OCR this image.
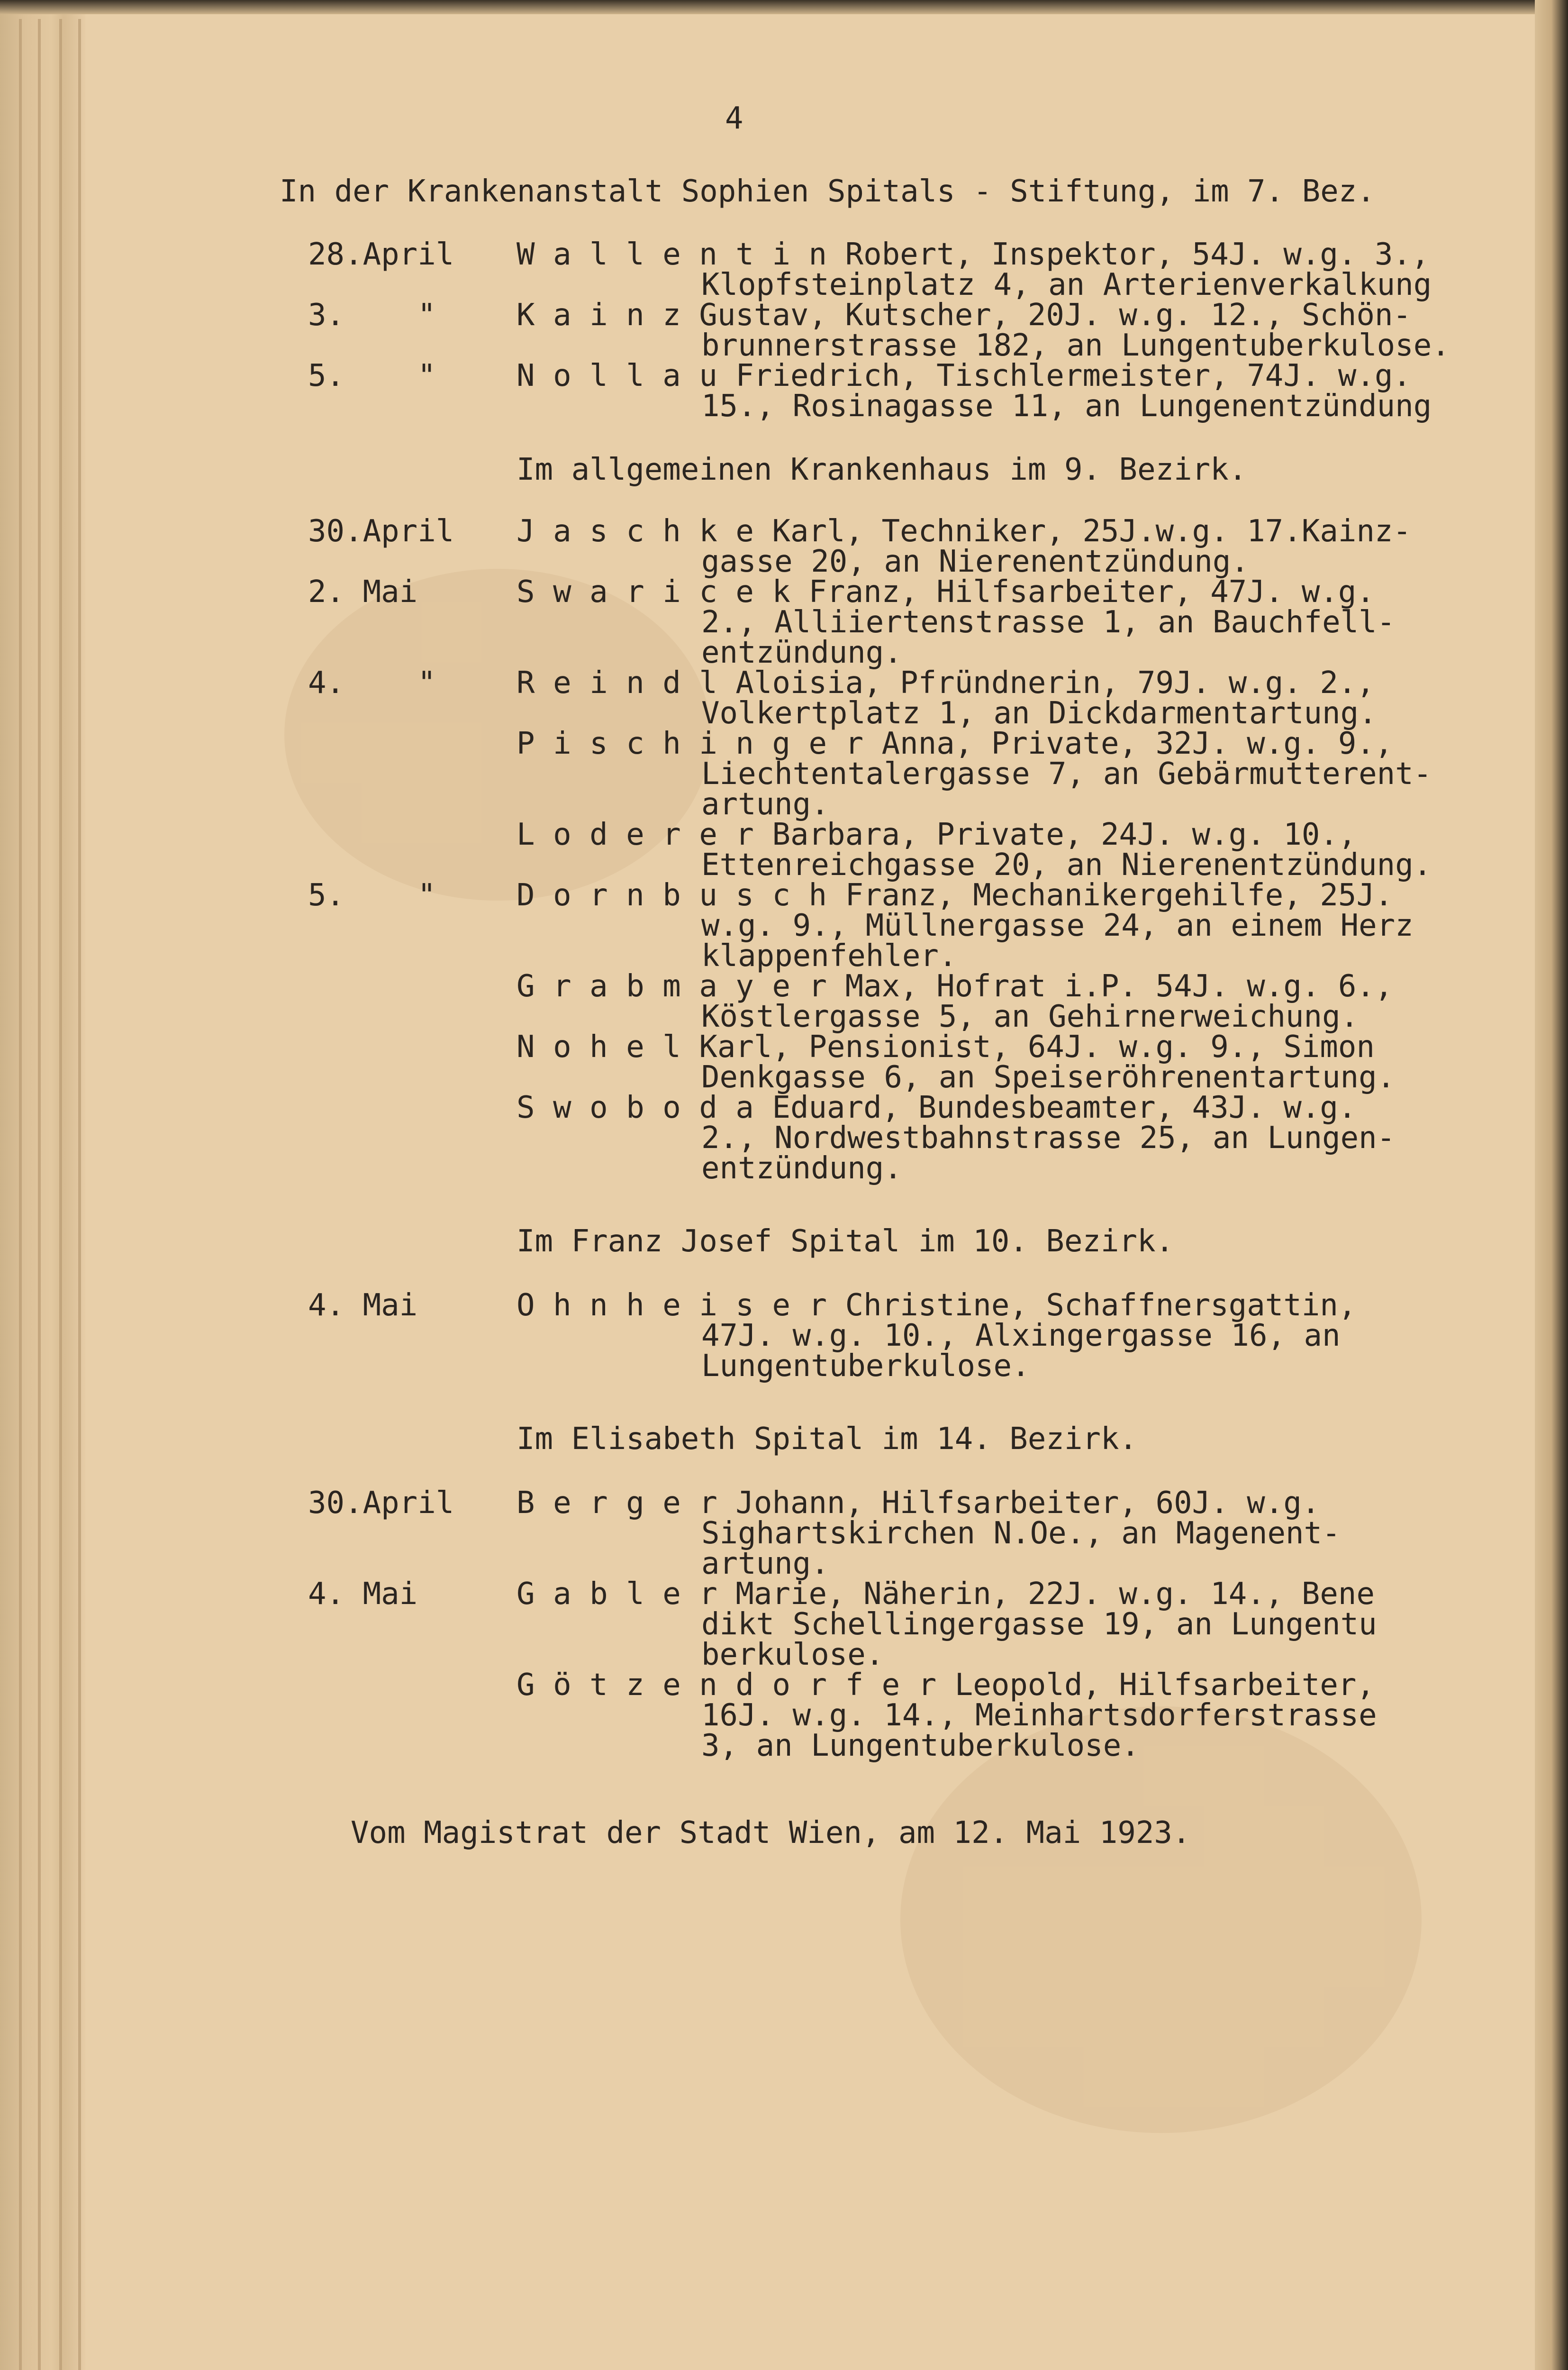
4
In der Krankenanstalt Sophien Spitals - Stiftung, im 7. Bez.
28.April W a l l e n t i n Robert, Inspektor, 54J. w.g. 3.,
Klopfsteinplatz 4, an Arterienverkalkung
3.    "	K a i n z Gustav, Kutscher, 20J. w.g. 12., Schön-
brunnerstrasse 182, an Lungentuberkulose.
5.    "	N o l l a u Friedrich, Tischlermeister, 74J. w.g.
15., Rosinagasse 11, an Lungenentzündung
Im allgemeinen Krankenhaus im 9. Bezirk.
30.April J a s c h k e Karl, Techniker, 25J.w.g. 17.Kainz-
gasse 20, an Nierenentzündung.
2. Mai	S w a r i c e k Franz, Hilfsarbeiter, 47J. w.g.
2., Alliiertenstrasse 1, an Bauchfell-
entzündung.
4.    "	R e i n d l Aloisia, Pfründnerin, 79J. w.g. 2.,
Volkertplatz 1, an Dickdarmentartung.
P i s c h i n g e r Anna, Private, 32J. w.g. 9.,
Liechtentalergasse 7, an Gebärmutterent-
artung.
L o d e r e r Barbara, Private, 24J. w.g. 10.,
Ettenreichgasse 20, an Nierenentzündung.
5.    "	D o r n b u s c h Franz, Mechanikergehilfe, 25J.
w.g. 9., Müllnergasse 24, an einem Herz
klappenfehler.
G r a b m a y e r Max, Hofrat i.P. 54J. w.g. 6.,
Köstlergasse 5, an Gehirnerweichung.
N o h e l Karl, Pensionist, 64J. w.g. 9., Simon
Denkgasse 6, an Speiseröhrenentartung.
S w o b o d a Eduard, Bundesbeamter, 43J. w.g.
2., Nordwestbahnstrasse 25, an Lungen-
entzündung.
Im Franz Josef Spital im 10. Bezirk.
4. Mai	O h n h e i s e r Christine, Schaffnersgattin,
47J. w.g. 10., Alxingergasse 16, an
Lungentuberkulose.
Im Elisabeth Spital im 14. Bezirk.
30.April B e r g e r Johann, Hilfsarbeiter, 60J. w.g.
Sighartskirchen N.Oe., an Magenent-
artung.
4. Mai	G a b l e r Marie, Näherin, 22J. w.g. 14., Bene
dikt Schellingergasse 19, an Lungentu
berkulose.
G ö t z e n d o r f e r Leopold, Hilfsarbeiter,
16J. w.g. 14., Meinhartsdorferstrasse
3, an Lungentuberkulose.
Vom Magistrat der Stadt Wien, am 12. Mai 1923.
